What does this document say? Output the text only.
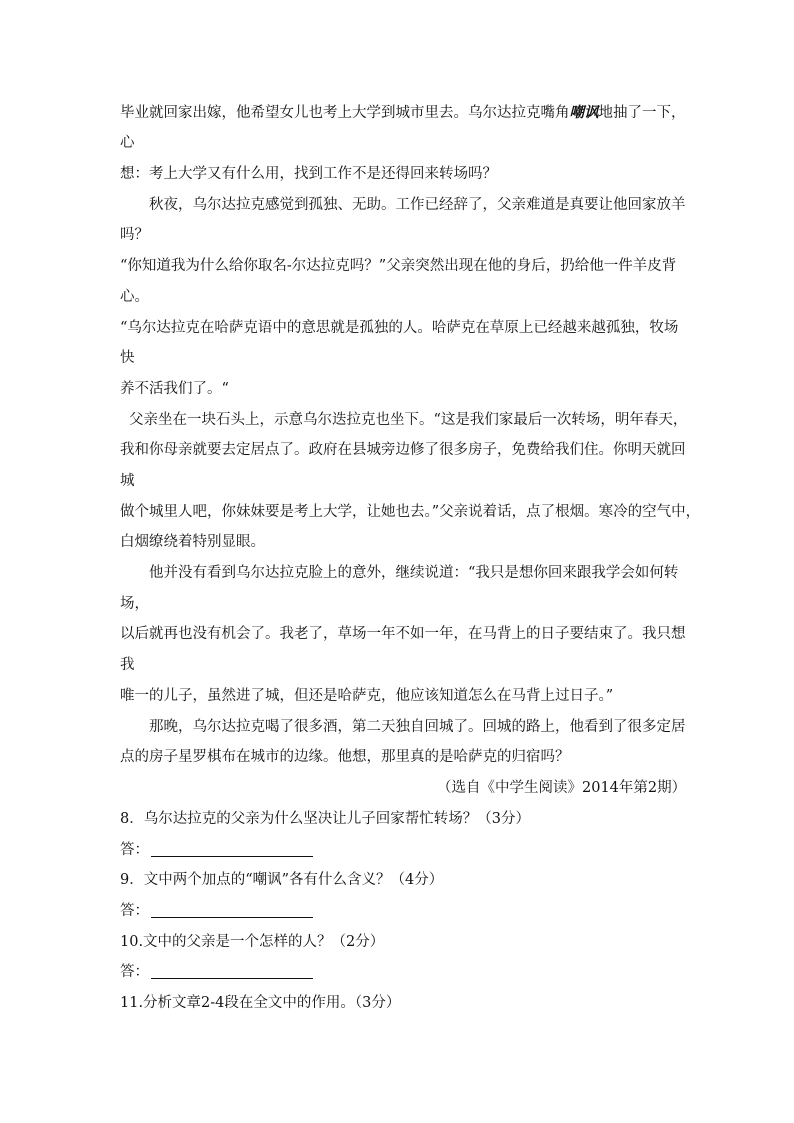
毕业就回家出嫁，他希望女儿也考上大学到城市里去。乌尔达拉克嘴角嘲讽地抽了一下，
心
想：考上大学又有什么用，找到工作不是还得回来转场吗？
秋夜，乌尔达拉克感觉到孤独、无助。工作已经辞了，父亲难道是真要让他回家放羊
吗？
“你知道我为什么给你取名-尔达拉克吗？”父亲突然出现在他的身后，扔给他一件羊皮背
心。
“乌尔达拉克在哈萨克语中的意思就是孤独的人。哈萨克在草原上已经越来越孤独，牧场
快
养不活我们了。“
父亲坐在一块石头上，示意乌尔迭拉克也坐下。“这是我们家最后一次转场，明年春天，
我和你母亲就要去定居点了。政府在县城旁边修了很多房子，免费给我们住。你明天就回
城
做个城里人吧，你妹妹要是考上大学，让她也去。”父亲说着话，点了根烟。寒冷的空气中，
白烟缭绕着特别显眼。
他并没有看到乌尔达拉克脸上的意外，继续说道：“我只是想你回来跟我学会如何转
场，
以后就再也没有机会了。我老了，草场一年不如一年，在马背上的日子要结束了。我只想
我
唯一的儿子，虽然进了城，但还是哈萨克，他应该知道怎么在马背上过日子。”
那晚，乌尔达拉克喝了很多酒，第二天独自回城了。回城的路上，他看到了很多定居
点的房子星罗棋布在城市的边缘。他想，那里真的是哈萨克的归宿吗？
（选自《中学生阅读》2014年第2期）
8．乌尔达拉克的父亲为什么坚决让儿子回家帮忙转场？（3分）
答：
9．文中两个加点的“嘲讽”各有什么含义？（4分）
答：
10.文中的父亲是一个怎样的人？（2分）
答：
11.分析文章2-4段在全文中的作用。（3分）
